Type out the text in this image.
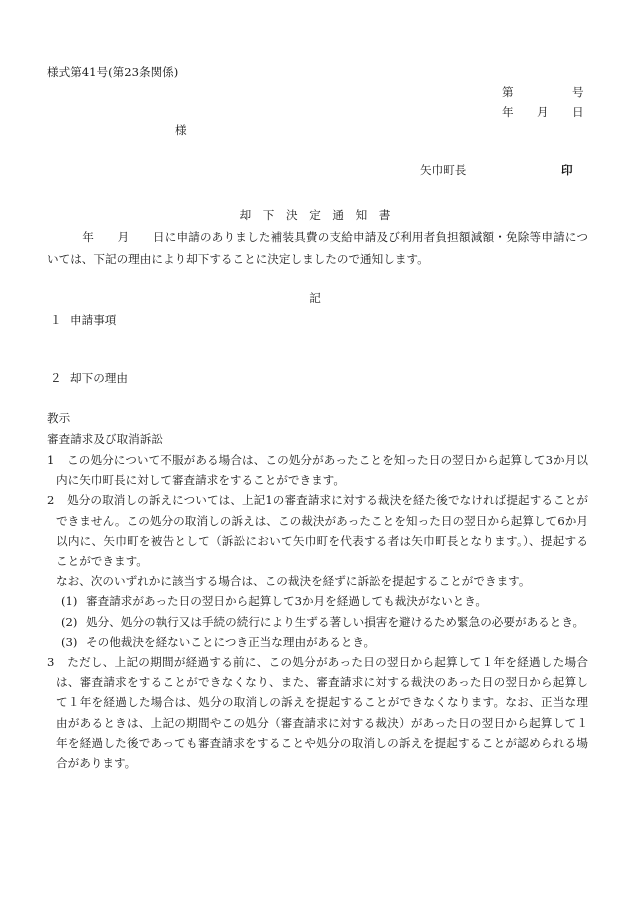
様式第41号(第23条関係)
第	号
年 月 日
様
矢巾町長	印
却下決定通知書
　　　年　　月　　日に申請のありました補装具費の支給申請及び利用者負担額減額・免除等申請については、下記の理由により却下することに決定しましたので通知します。
記
１ 申請事項
２ 却下の理由
教示
審査請求及び取消訴訟
1 この処分について不服がある場合は、この処分があったことを知った日の翌日から起算して3か月以内に矢巾町長に対して審査請求をすることができます。
2 処分の取消しの訴えについては、上記1の審査請求に対する裁決を経た後でなければ提起することができません。この処分の取消しの訴えは、この裁決があったことを知った日の翌日から起算して6か月以内に、矢巾町を被告として（訴訟において矢巾町を代表する者は矢巾町長となります。）、提起することができます。
なお、次のいずれかに該当する場合は、この裁決を経ずに訴訟を提起することができます。
(1) 審査請求があった日の翌日から起算して3か月を経過しても裁決がないとき。
(2) 処分、処分の執行又は手続の続行により生ずる著しい損害を避けるため緊急の必要があるとき。
(3) その他裁決を経ないことにつき正当な理由があるとき。
3 ただし、上記の期間が経過する前に、この処分があった日の翌日から起算して１年を経過した場合は、審査請求をすることができなくなり、また、審査請求に対する裁決のあった日の翌日から起算して１年を経過した場合は、処分の取消しの訴えを提起することができなくなります。なお、正当な理由があるときは、上記の期間やこの処分（審査請求に対する裁決）があった日の翌日から起算して１年を経過した後であっても審査請求をすることや処分の取消しの訴えを提起することが認められる場合があります。
